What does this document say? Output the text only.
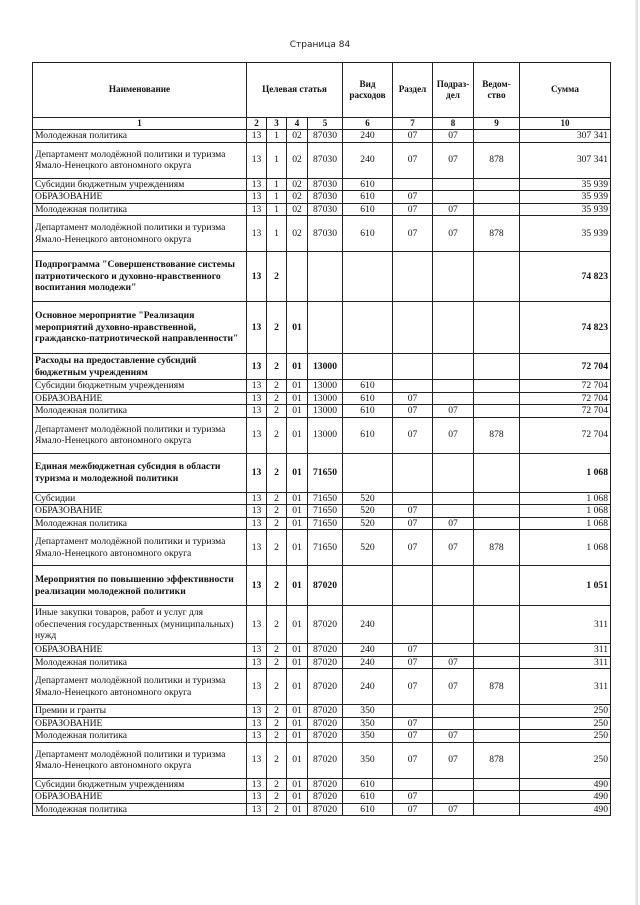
Страница 84
Наименование	Целевая статья				Вид расходов	Раздел	Подраз-дел	Ведом-ство	Сумма
1	2	3	4	5	6	7	8	9	10
Молодежная политика	13	1	02	87030	240	07	07		307 341
Департамент молодёжной политики и туризма Ямало-Ненецкого автономного округа	13	1	02	87030	240	07	07	878	307 341
Субсидии бюджетным учреждениям	13	1	02	87030	610				35 939
ОБРАЗОВАНИЕ	13	1	02	87030	610	07			35 939
Молодежная политика	13	1	02	87030	610	07	07		35 939
Департамент молодёжной политики и туризма Ямало-Ненецкого автономного округа	13	1	02	87030	610	07	07	878	35 939
Подпрограмма "Совершенствование системы патриотического и духовно-нравственного воспитания молодежи"	13	2							74 823
Основное мероприятие "Реализация мероприятий духовно-нравственной, гражданско-патриотической направленности"	13	2	01						74 823
Расходы на предоставление субсидий бюджетным учреждениям	13	2	01	13000					72 704
Субсидии бюджетным учреждениям	13	2	01	13000	610				72 704
ОБРАЗОВАНИЕ	13	2	01	13000	610	07			72 704
Молодежная политика	13	2	01	13000	610	07	07		72 704
Департамент молодёжной политики и туризма Ямало-Ненецкого автономного округа	13	2	01	13000	610	07	07	878	72 704
Единая межбюджетная субсидия в области туризма и молодежной политики	13	2	01	71650					1 068
Субсидии	13	2	01	71650	520				1 068
ОБРАЗОВАНИЕ	13	2	01	71650	520	07			1 068
Молодежная политика	13	2	01	71650	520	07	07		1 068
Департамент молодёжной политики и туризма Ямало-Ненецкого автономного округа	13	2	01	71650	520	07	07	878	1 068
Мероприятия по повышению эффективности реализации молодежной политики	13	2	01	87020					1 051
Иные закупки товаров, работ и услуг для обеспечения государственных (муниципальных) нужд	13	2	01	87020	240				311
ОБРАЗОВАНИЕ	13	2	01	87020	240	07			311
Молодежная политика	13	2	01	87020	240	07	07		311
Департамент молодёжной политики и туризма Ямало-Ненецкого автономного округа	13	2	01	87020	240	07	07	878	311
Премии и гранты	13	2	01	87020	350				250
ОБРАЗОВАНИЕ	13	2	01	87020	350	07			250
Молодежная политика	13	2	01	87020	350	07	07		250
Департамент молодёжной политики и туризма Ямало-Ненецкого автономного округа	13	2	01	87020	350	07	07	878	250
Субсидии бюджетным учреждениям	13	2	01	87020	610				490
ОБРАЗОВАНИЕ	13	2	01	87020	610	07			490
Молодежная политика	13	2	01	87020	610	07	07		490
